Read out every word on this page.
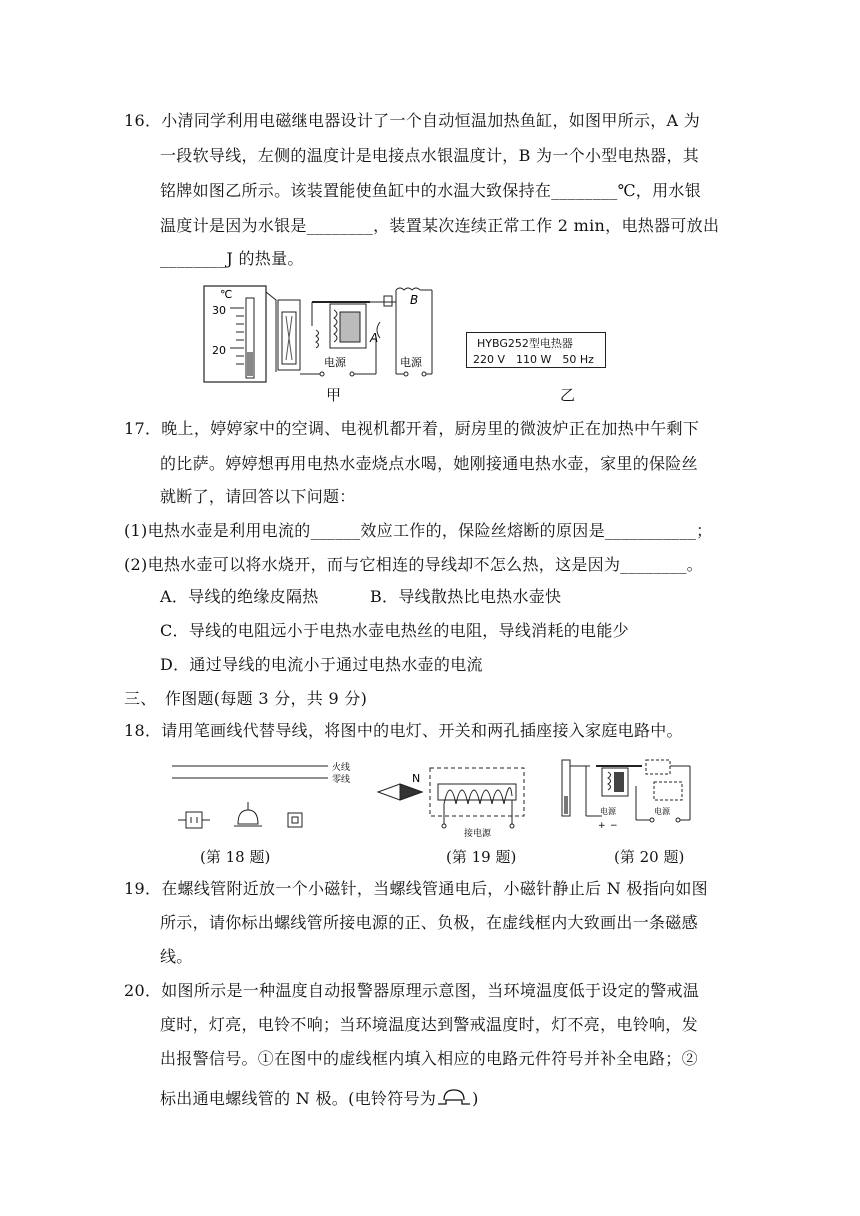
16．小清同学利用电磁继电器设计了一个自动恒温加热鱼缸，如图甲所示，A 为
一段软导线，左侧的温度计是电接点水银温度计，B 为一个小型电热器，其
铭牌如图乙所示。该装置能使鱼缸中的水温大致保持在________℃，用水银
温度计是因为水银是________，装置某次连续正常工作 2 min，电热器可放出
________J 的热量。
℃
30
20
电源
B
A
电源
甲
HYBG252型电热器
220 V　110 W　50 Hz
乙
17．晚上，婷婷家中的空调、电视机都开着，厨房里的微波炉正在加热中午剩下
的比萨。婷婷想再用电热水壶烧点水喝，她刚接通电热水壶，家里的保险丝
就断了，请回答以下问题：
(1)电热水壶是利用电流的______效应工作的，保险丝熔断的原因是___________；
(2)电热水壶可以将水烧开，而与它相连的导线却不怎么热，这是因为________。
A．导线的绝缘皮隔热	B．导线散热比电热水壶快
C．导线的电阻远小于电热水壶电热丝的电阻，导线消耗的电能少
D．通过导线的电流小于通过电热水壶的电流
三、　作图题(每题 3 分，共 9 分)
18．请用笔画线代替导线，将图中的电灯、开关和两孔插座接入家庭电路中。
火线
零线
(第 18 题)
N
接电源
(第 19 题)
电源
+ −
电源
(第 20 题)
19．在螺线管附近放一个小磁针，当螺线管通电后，小磁针静止后 N 极指向如图
所示，请你标出螺线管所接电源的正、负极，在虚线框内大致画出一条磁感
线。
20．如图所示是一种温度自动报警器原理示意图，当环境温度低于设定的警戒温
度时，灯亮，电铃不响；当环境温度达到警戒温度时，灯不亮，电铃响，发
出报警信号。①在图中的虚线框内填入相应的电路元件符号并补全电路；②
标出通电螺线管的 N 极。(电铃符号为 )
